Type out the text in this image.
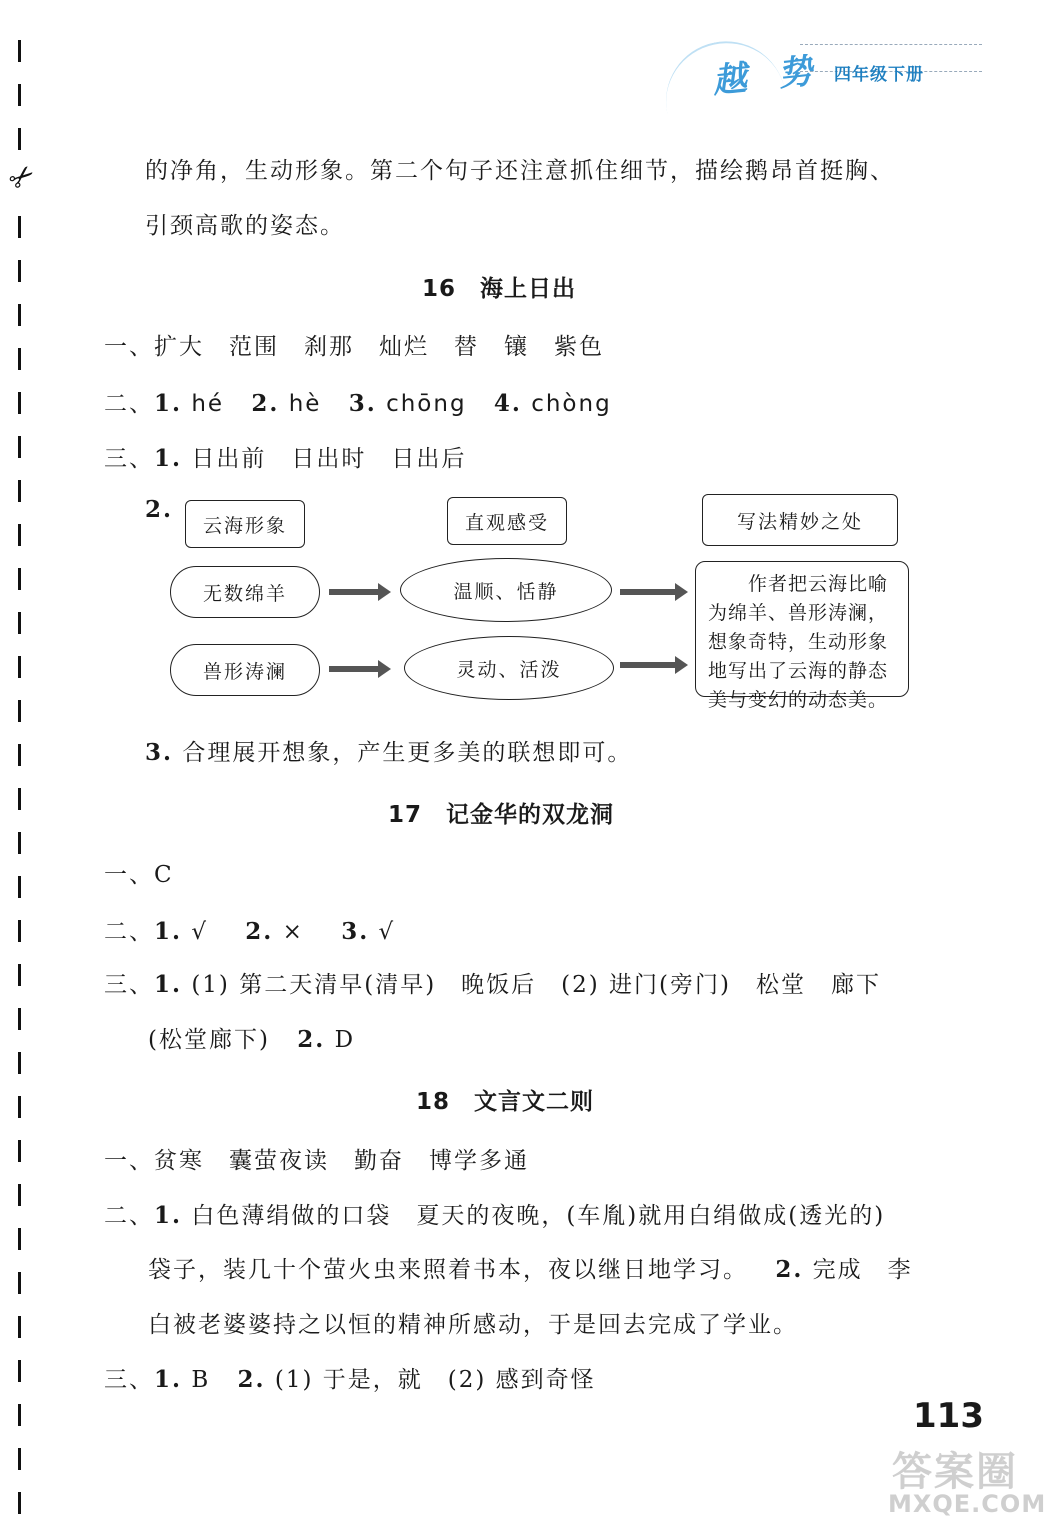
✂
越 势 四年级下册
的净角，生动形象。第二个句子还注意抓住细节，描绘鹅昂首挺胸、
引颈高歌的姿态。
16　海上日出
一、扩大　范围　刹那　灿烂　替　镶　紫色
二、1. hé 2. hè 3. chōng 4. chòng
三、1. 日出前　日出时　日出后
2.
云海形象	直观感受	写法精妙之处
无数绵羊
兽形涛澜
温顺、恬静
灵动、活泼
作者把云海比喻为绵羊、兽形涛澜，想象奇特，生动形象地写出了云海的静态美与变幻的动态美。
3. 合理展开想象，产生更多美的联想即可。
17　记金华的双龙洞
一、C
二、1. √ 2. × 3. √
三、1. (1) 第二天清早(清早)　晚饭后　(2) 进门(旁门)　松堂　廊下
(松堂廊下) 2. D
18　文言文二则
一、贫寒　囊萤夜读　勤奋　博学多通
二、1. 白色薄绢做的口袋　夏天的夜晚，(车胤)就用白绢做成(透光的)
袋子，装几十个萤火虫来照着书本，夜以继日地学习。 2. 完成　李
白被老婆婆持之以恒的精神所感动，于是回去完成了学业。
三、1. B 2. (1) 于是，就　(2) 感到奇怪
113
答案圈
MXQE.COM
